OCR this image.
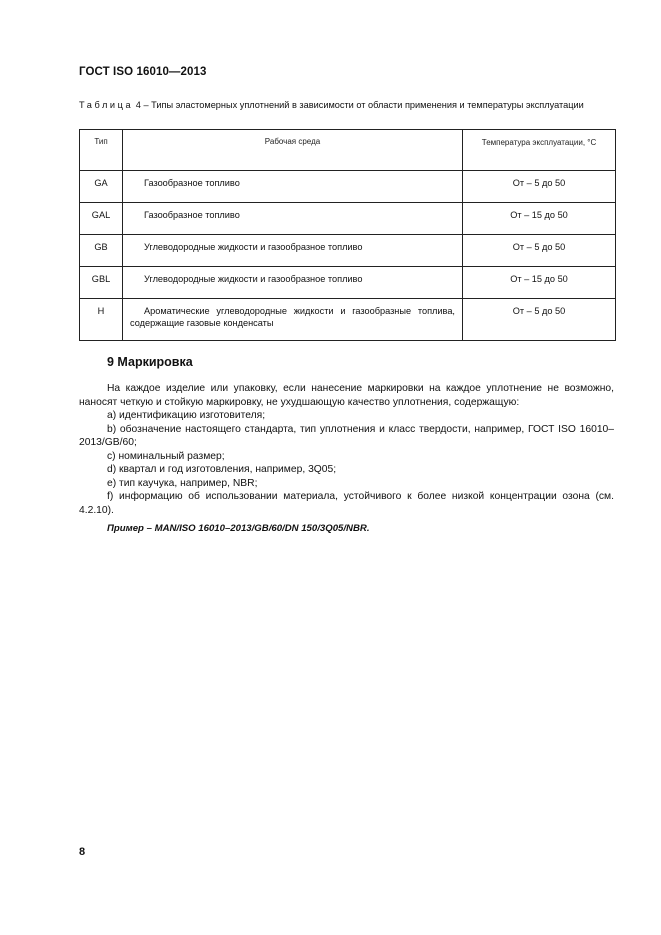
ГОСТ ISO 16010—2013
Таблица 4 – Типы эластомерных уплотнений в зависимости от области применения и температуры эксплуатации
Тип	Рабочая среда	Температура эксплуатации, °С
GA	Газообразное топливо	От – 5 до 50
GAL	Газообразное топливо	От – 15 до 50
GB	Углеводородные жидкости и газообразное топливо	От – 5 до 50
GBL	Углеводородные жидкости и газообразное топливо	От – 15 до 50
H	Ароматические углеводородные жидкости и газообразные топлива, содержащие газовые конденсаты	От – 5 до 50
9 Маркировка

На каждое изделие или упаковку, если нанесение маркировки на каждое уплотнение не возможно, наносят четкую и стойкую маркировку, не ухудшающую качество уплотнения, содержащую:

a) идентификацию изготовителя;

b) обозначение настоящего стандарта, тип уплотнения и класс твердости, например, ГОСТ ISO 16010–2013/GB/60;

c) номинальный размер;

d) квартал и год изготовления, например, 3Q05;

e) тип каучука, например, NBR;

f) информацию об использовании материала, устойчивого к более низкой концентрации озона (см. 4.2.10).

Пример – MAN/ISO 16010–2013/GB/60/DN 150/3Q05/NBR.
8
